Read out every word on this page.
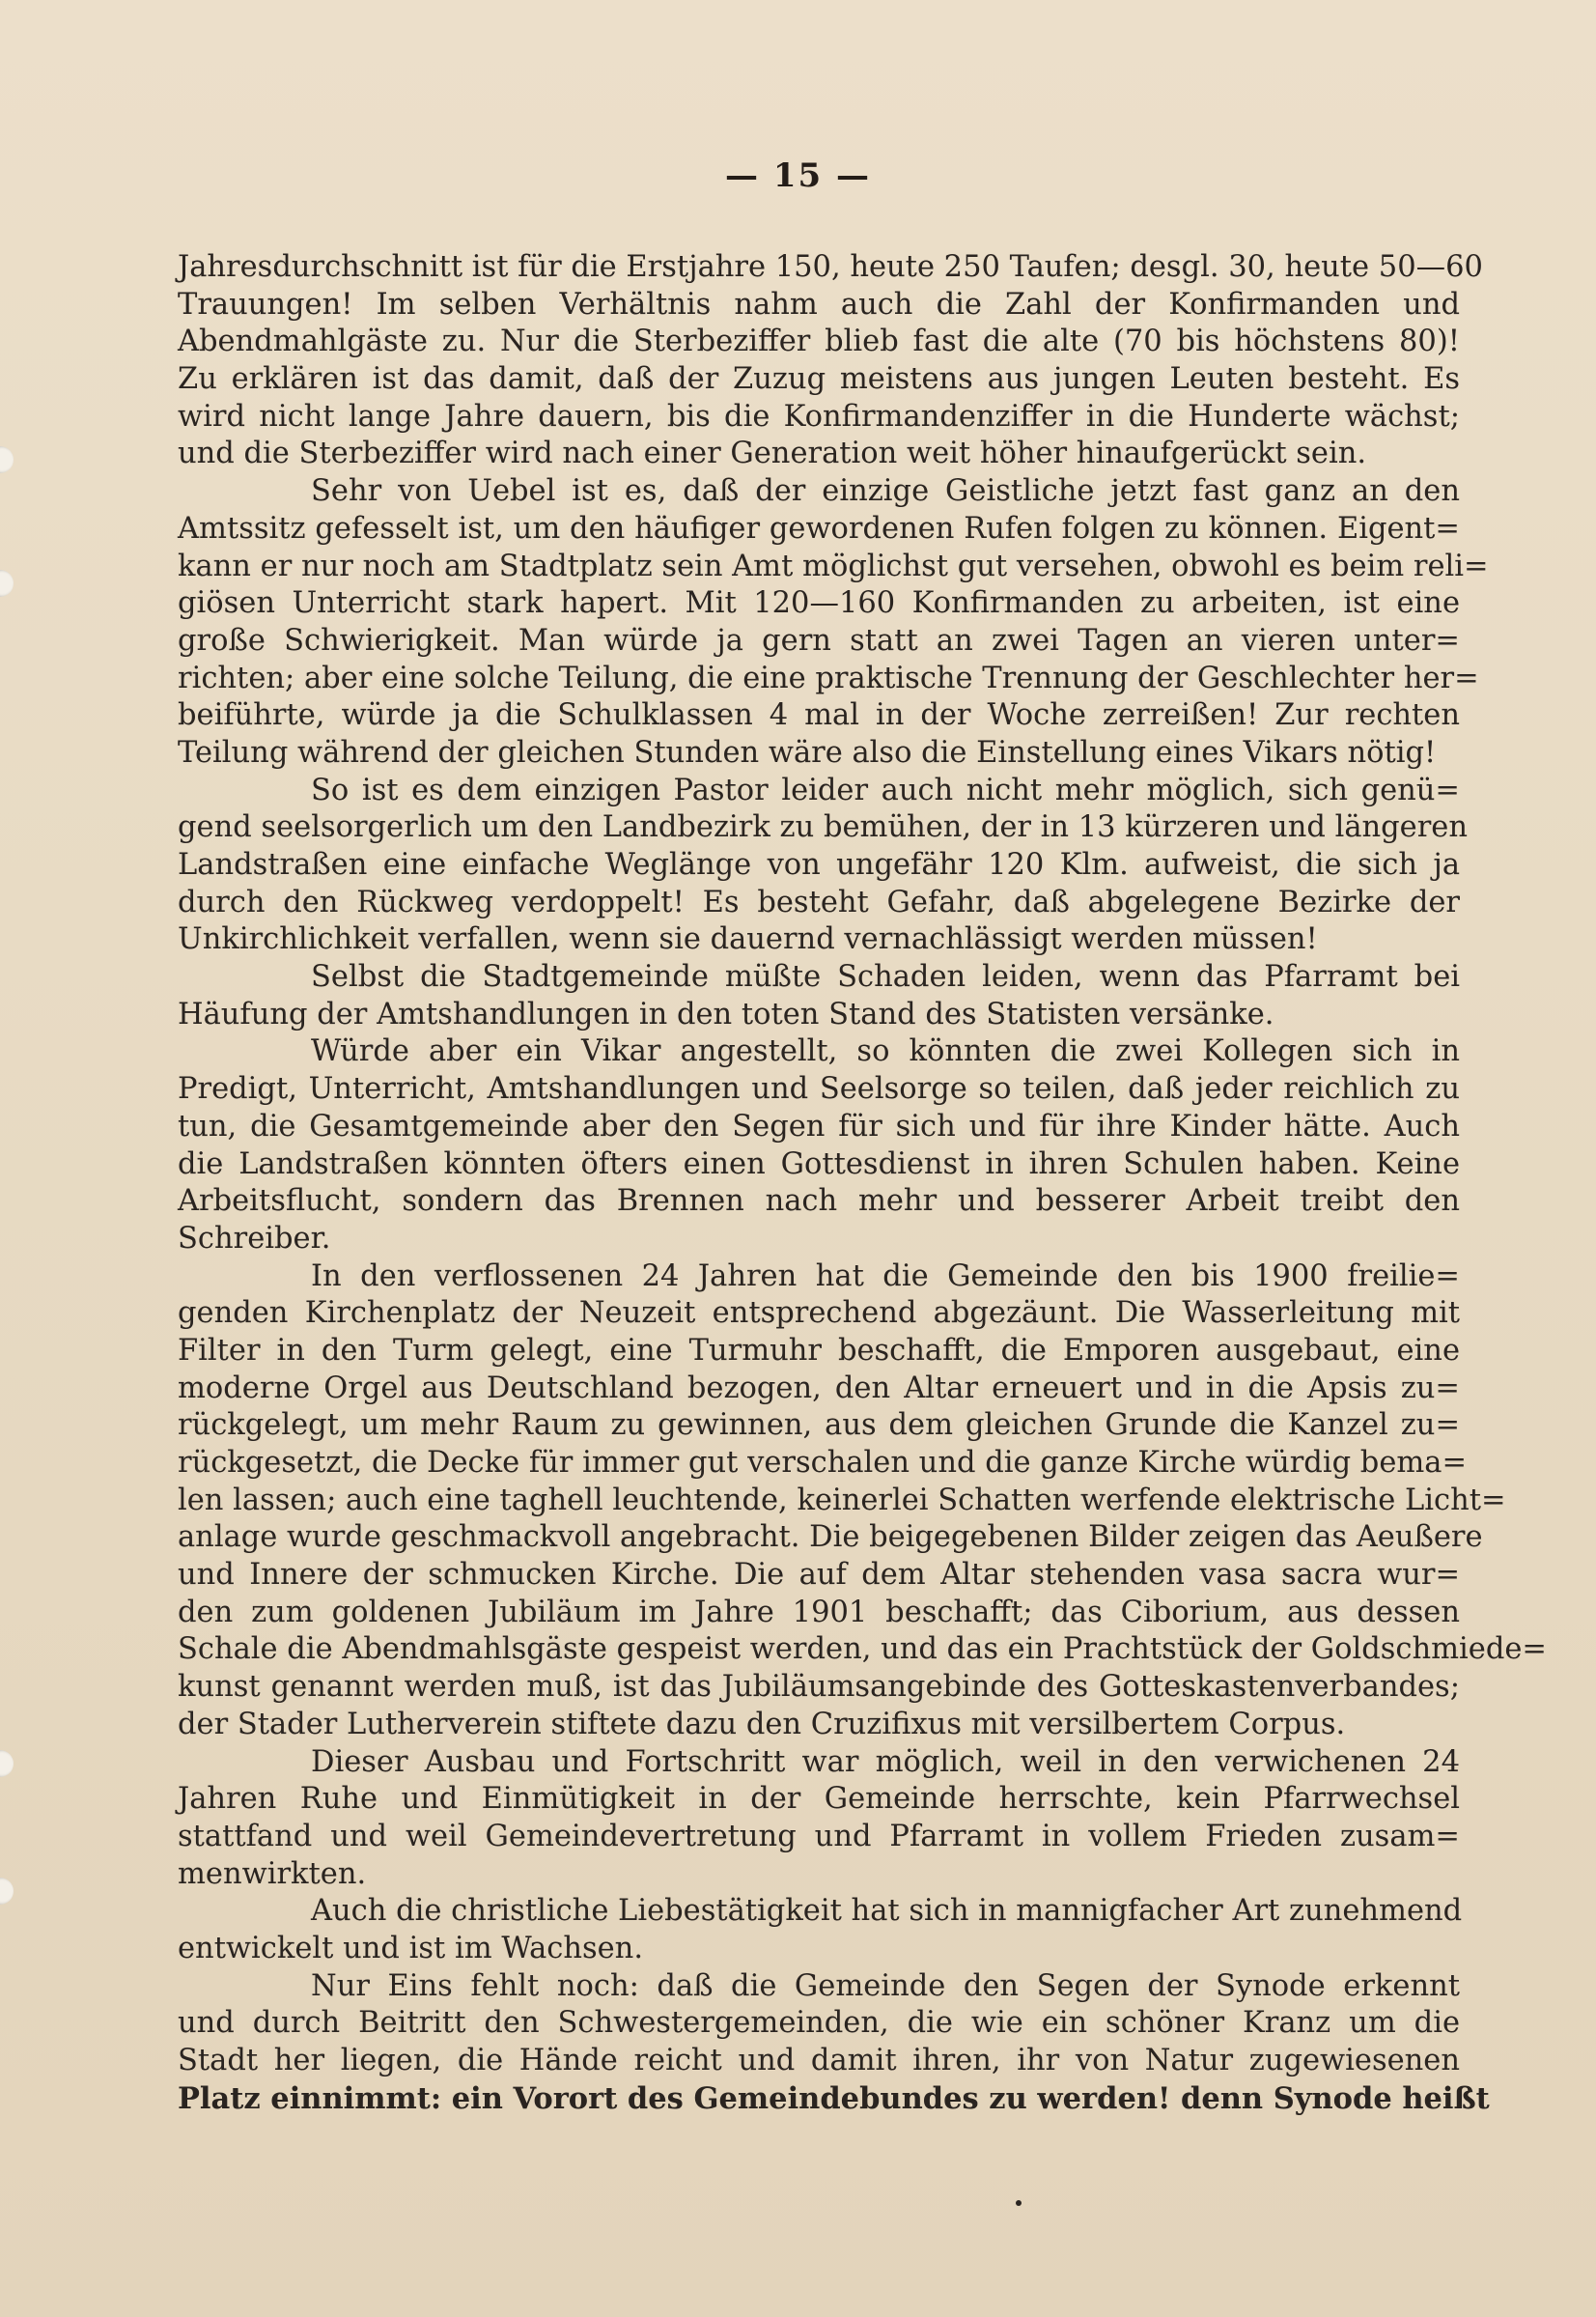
— 15 —
Jahresdurchschnitt ist für die Erstjahre 150, heute 250 Taufen; desgl. 30, heute 50—60
Trauungen! Im selben Verhältnis nahm auch die Zahl der Konfirmanden und
Abendmahlgäste zu. Nur die Sterbeziffer blieb fast die alte (70 bis höchstens 80)!
Zu erklären ist das damit, daß der Zuzug meistens aus jungen Leuten besteht. Es
wird nicht lange Jahre dauern, bis die Konfirmandenziffer in die Hunderte wächst;
und die Sterbeziffer wird nach einer Generation weit höher hinaufgerückt sein.
Sehr von Uebel ist es, daß der einzige Geistliche jetzt fast ganz an den
Amtssitz gefesselt ist, um den häufiger gewordenen Rufen folgen zu können. Eigent=
kann er nur noch am Stadtplatz sein Amt möglichst gut versehen, obwohl es beim reli=
giösen Unterricht stark hapert. Mit 120—160 Konfirmanden zu arbeiten, ist eine
große Schwierigkeit. Man würde ja gern statt an zwei Tagen an vieren unter=
richten; aber eine solche Teilung, die eine praktische Trennung der Geschlechter her=
beiführte, würde ja die Schulklassen 4 mal in der Woche zerreißen! Zur rechten
Teilung während der gleichen Stunden wäre also die Einstellung eines Vikars nötig!
So ist es dem einzigen Pastor leider auch nicht mehr möglich, sich genü=
gend seelsorgerlich um den Landbezirk zu bemühen, der in 13 kürzeren und längeren
Landstraßen eine einfache Weglänge von ungefähr 120 Klm. aufweist, die sich ja
durch den Rückweg verdoppelt! Es besteht Gefahr, daß abgelegene Bezirke der
Unkirchlichkeit verfallen, wenn sie dauernd vernachlässigt werden müssen!
Selbst die Stadtgemeinde müßte Schaden leiden, wenn das Pfarramt bei
Häufung der Amtshandlungen in den toten Stand des Statisten versänke.
Würde aber ein Vikar angestellt, so könnten die zwei Kollegen sich in
Predigt, Unterricht, Amtshandlungen und Seelsorge so teilen, daß jeder reichlich zu
tun, die Gesamtgemeinde aber den Segen für sich und für ihre Kinder hätte. Auch
die Landstraßen könnten öfters einen Gottesdienst in ihren Schulen haben. Keine
Arbeitsflucht, sondern das Brennen nach mehr und besserer Arbeit treibt den
Schreiber.
In den verflossenen 24 Jahren hat die Gemeinde den bis 1900 freilie=
genden Kirchenplatz der Neuzeit entsprechend abgezäunt. Die Wasserleitung mit
Filter in den Turm gelegt, eine Turmuhr beschafft, die Emporen ausgebaut, eine
moderne Orgel aus Deutschland bezogen, den Altar erneuert und in die Apsis zu=
rückgelegt, um mehr Raum zu gewinnen, aus dem gleichen Grunde die Kanzel zu=
rückgesetzt, die Decke für immer gut verschalen und die ganze Kirche würdig bema=
len lassen; auch eine taghell leuchtende, keinerlei Schatten werfende elektrische Licht=
anlage wurde geschmackvoll angebracht. Die beigegebenen Bilder zeigen das Aeußere
und Innere der schmucken Kirche. Die auf dem Altar stehenden vasa sacra wur=
den zum goldenen Jubiläum im Jahre 1901 beschafft; das Ciborium, aus dessen
Schale die Abendmahlsgäste gespeist werden, und das ein Prachtstück der Goldschmiede=
kunst genannt werden muß, ist das Jubiläumsangebinde des Gotteskastenverbandes;
der Stader Lutherverein stiftete dazu den Cruzifixus mit versilbertem Corpus.
Dieser Ausbau und Fortschritt war möglich, weil in den verwichenen 24
Jahren Ruhe und Einmütigkeit in der Gemeinde herrschte, kein Pfarrwechsel
stattfand und weil Gemeindevertretung und Pfarramt in vollem Frieden zusam=
menwirkten.
Auch die christliche Liebestätigkeit hat sich in mannigfacher Art zunehmend
entwickelt und ist im Wachsen.
Nur Eins fehlt noch: daß die Gemeinde den Segen der Synode erkennt
und durch Beitritt den Schwestergemeinden, die wie ein schöner Kranz um die
Stadt her liegen, die Hände reicht und damit ihren, ihr von Natur zugewiesenen
Platz einnimmt: ein Vorort des Gemeindebundes zu werden! denn Synode heißt
